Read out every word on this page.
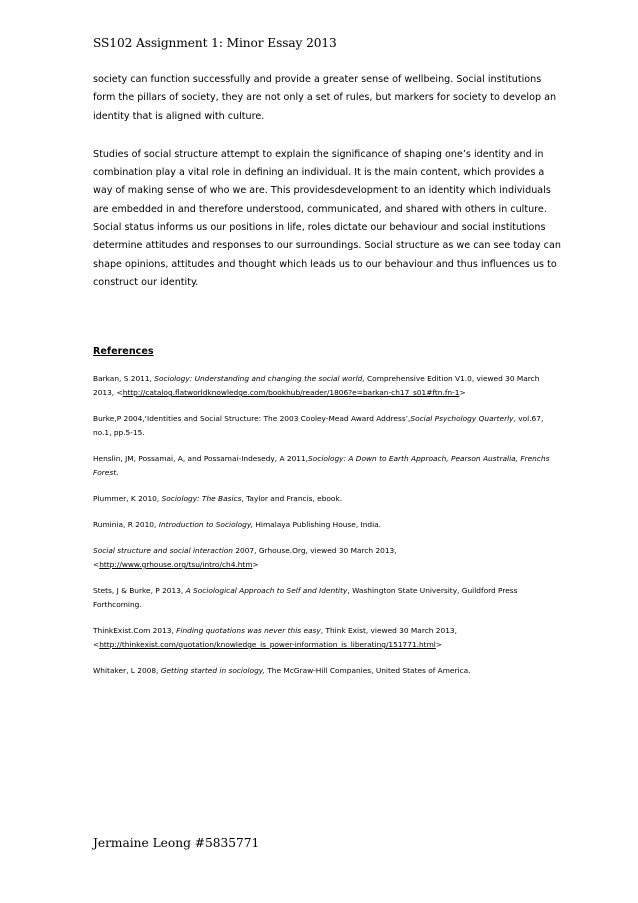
SS102 Assignment 1: Minor Essay 2013

society can function successfully and provide a greater sense of wellbeing. Social institutions form the pillars of society, they are not only a set of rules, but markers for society to develop an identity that is aligned with culture.

Studies of social structure attempt to explain the significance of shaping one’s identity and in combination play a vital role in defining an individual. It is the main content, which provides a way of making sense of who we are. This providesdevelopment to an identity which individuals are embedded in and therefore understood, communicated, and shared with others in culture. Social status informs us our positions in life, roles dictate our behaviour and social institutions determine attitudes and responses to our surroundings. Social structure as we can see today can shape opinions, attitudes and thought which leads us to our behaviour and thus influences us to construct our identity.

References

Barkan, S 2011, Sociology: Understanding and changing the social world, Comprehensive Edition V1.0, viewed 30 March 2013, <http://catalog.flatworldknowledge.com/bookhub/reader/1806?e=barkan-ch17_s01#ftn.fn-1>

Burke,P 2004,‘Identities and Social Structure: The 2003 Cooley-Mead Award Address’,Social Psychology Quarterly, vol.67, no.1, pp.5-15.

Henslin, JM, Possamai, A, and Possamai-Indesedy, A 2011,Sociology: A Down to Earth Approach, Pearson Australia, Frenchs Forest.

Plummer, K 2010, Sociology: The Basics, Taylor and Francis, ebook.

Ruminia, R 2010, Introduction to Sociology, Himalaya Publishing House, India.

Social structure and social interaction 2007, Grhouse.Org, viewed 30 March 2013,<http://www.grhouse.org/tsu/intro/ch4.htm>

Stets, J & Burke, P 2013, A Sociological Approach to Self and Identity, Washington State University, Guildford Press Forthcoming.

ThinkExist.Com 2013, Finding quotations was never this easy, Think Exist, viewed 30 March 2013, <http://thinkexist.com/quotation/knowledge_is_power-information_is_liberating/151771.html>

Whitaker, L 2008, Getting started in sociology, The McGraw-Hill Companies, United States of America.

Jermaine Leong #5835771
